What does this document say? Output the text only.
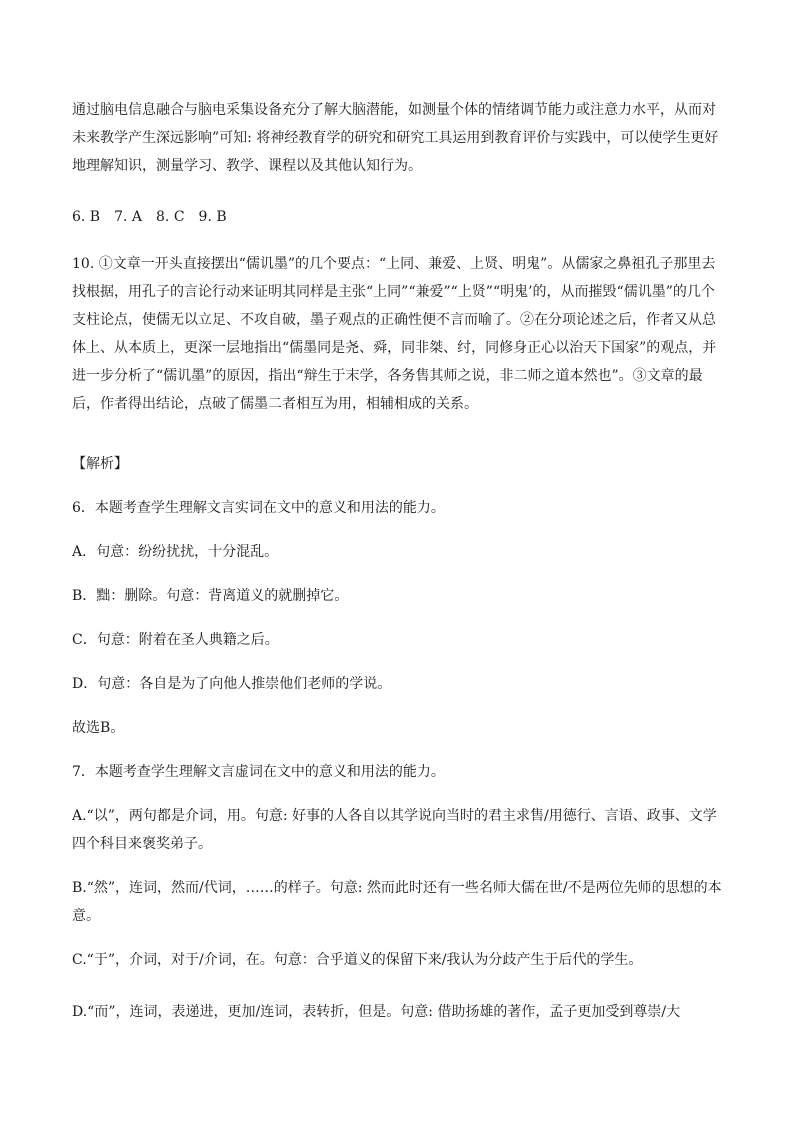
通过脑电信息融合与脑电采集设备充分了解大脑潜能，如测量个体的情绪调节能力或注意力水平，从而对未来教学产生深远影响”可知: 将神经教育学的研究和研究工具运用到教育评价与实践中，可以使学生更好地理解知识，测量学习、教学、课程以及其他认知行为。

6. B　7. A　8. C　9. B

10. ①文章一开头直接摆出“儒讥墨”的几个要点：“上同、兼爱、上贤、明鬼”。从儒家之鼻祖孔子那里去找根据，用孔子的言论行动来证明其同样是主张“上同”“兼爱”“上贤”“明鬼’的，从而摧毁“儒讥墨”的几个支柱论点，使儒无以立足、不攻自破，墨子观点的正确性便不言而喻了。②在分项论述之后，作者又从总体上、从本质上，更深一层地指出“儒墨同是尧、舜，同非桀、纣，同修身正心以治天下国家”的观点，并进一步分析了“儒讥墨”的原因，指出“辩生于末学，各务售其师之说，非二师之道本然也”。③文章的最后，作者得出结论，点破了儒墨二者相互为用，相辅相成的关系。

【解析】

6．本题考查学生理解文言实词在文中的意义和用法的能力。

A．句意：纷纷扰扰，十分混乱。

B．黜：删除。句意：背离道义的就删掉它。

C．句意：附着在圣人典籍之后。

D．句意：各自是为了向他人推崇他们老师的学说。

故选B。

7．本题考查学生理解文言虚词在文中的意义和用法的能力。

A.“以”，两句都是介词，用。句意: 好事的人各自以其学说向当时的君主求售/用德行、言语、政事、文学四个科目来褒奖弟子。

B.“然”，连词，然而/代词，……的样子。句意: 然而此时还有一些名师大儒在世/不是两位先师的思想的本意。

C.“于”，介词，对于/介词，在。句意：合乎道义的保留下来/我认为分歧产生于后代的学生。

D.“而”，连词，表递进，更加/连词，表转折，但是。句意: 借助扬雄的著作，孟子更加受到尊崇/大
